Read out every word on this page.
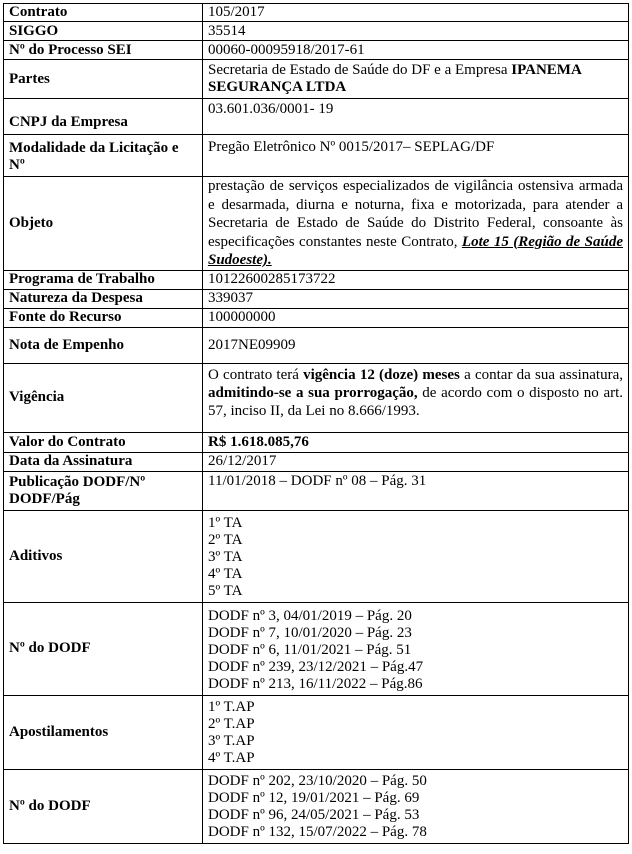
Contrato	105/2017
SIGGO	35514
Nº do Processo SEI	00060-00095918/2017-61
Partes	Secretaria de Estado de Saúde do DF e a Empresa IPANEMA
SEGURANÇA LTDA
CNPJ da Empresa	03.601.036/0001- 19
Modalidade da Licitação e Nº	Pregão Eletrônico Nº 0015/2017– SEPLAG/DF
Objeto	prestação de serviços especializados de vigilância ostensiva armada e desarmada, diurna e noturna, fixa e motorizada, para atender a Secretaria de Estado de Saúde do Distrito Federal, consoante às especificações constantes neste Contrato, Lote 15 (Região de Saúde Sudoeste).
Programa de Trabalho	10122600285173722
Natureza da Despesa	339037
Fonte do Recurso	100000000
Nota de Empenho	2017NE09909
Vigência	O contrato terá vigência 12 (doze) meses a contar da sua assinatura, admitindo-se a sua prorrogação, de acordo com o disposto no art. 57, inciso II, da Lei no 8.666/1993.
Valor do Contrato	R$ 1.618.085,76
Data da Assinatura	26/12/2017
Publicação DODF/Nº DODF/Pág	11/01/2018 – DODF nº 08 – Pág. 31
Aditivos	1º TA
2º TA
3º TA
4º TA
5º TA

Nº do DODF	DODF nº 3, 04/01/2019 – Pág. 20
DODF nº 7, 10/01/2020 – Pág. 23
DODF nº 6, 11/01/2021 – Pág. 51
DODF nº 239, 23/12/2021 – Pág.47
DODF nº 213, 16/11/2022 – Pág.86

Apostilamentos	1º T.AP
2º T.AP
3º T.AP
4º T.AP

Nº do DODF	DODF nº 202, 23/10/2020 – Pág. 50
DODF nº 12, 19/01/2021 – Pág. 69
DODF nº 96, 24/05/2021 – Pág. 53
DODF nº 132, 15/07/2022 – Pág. 78
